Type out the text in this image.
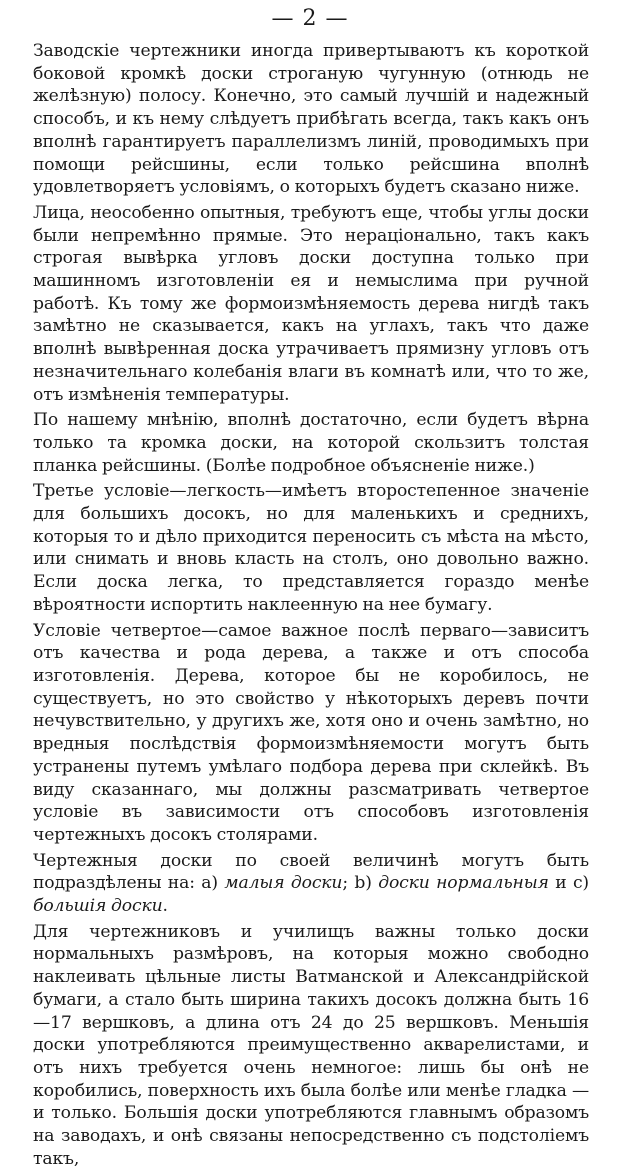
— 2 —

Заводскіе чертежники иногда привертываютъ къ короткой боковой кромкѣ доски строганую чугунную (отнюдь не желѣзную) полосу. Конечно, это самый лучшій и надежный способъ, и къ нему слѣдуетъ прибѣгать всегда, такъ какъ онъ вполнѣ гарантируетъ параллелизмъ линій, проводимыхъ при помощи рейсшины, если только рейсшина вполнѣ удовлетворяетъ условіямъ, о которыхъ будетъ сказано ниже.

Лица, неособенно опытныя, требуютъ еще, чтобы углы доски были непремѣнно прямые. Это нераціонально, такъ какъ строгая вывѣрка угловъ доски доступна только при машинномъ изготовленіи ея и немыслима при ручной работѣ. Къ тому же формоизмѣняемость дерева нигдѣ такъ замѣтно не сказывается, какъ на углахъ, такъ что даже вполнѣ вывѣренная доска утрачиваетъ прямизну угловъ отъ незначительнаго колебанія влаги въ комнатѣ или, что то же, отъ измѣненія температуры.

По нашему мнѣнію, вполнѣ достаточно, если будетъ вѣрна только та кромка доски, на которой скользитъ толстая планка рейсшины. (Болѣе подробное объясненіе ниже.)

Третье условіе—легкость—имѣетъ второстепенное значеніе для большихъ досокъ, но для маленькихъ и среднихъ, которыя то и дѣло приходится переносить съ мѣста на мѣсто, или снимать и вновь класть на столъ, оно довольно важно. Если доска легка, то представляется гораздо менѣе вѣроятности испортить наклеенную на нее бумагу.

Условіе четвертое—самое важное послѣ перваго—зависитъ отъ качества и рода дерева, а также и отъ способа изготовленія. Дерева, которое бы не коробилось, не существуетъ, но это свойство у нѣкоторыхъ деревъ почти нечувствительно, у другихъ же, хотя оно и очень замѣтно, но вредныя послѣдствія формоизмѣняемости могутъ быть устранены путемъ умѣлаго подбора дерева при склейкѣ. Въ виду сказаннаго, мы должны разсматривать четвертое условіе въ зависимости отъ способовъ изготовленія чертежныхъ досокъ столярами.

Чертежныя доски по своей величинѣ могутъ быть подраздѣлены на: a) малыя доски; b) доски нормальныя и c) большія доски.

Для чертежниковъ и училищъ важны только доски нормальныхъ размѣровъ, на которыя можно свободно наклеивать цѣльные листы Ватманской и Александрійской бумаги, а стало быть ширина такихъ досокъ должна быть 16—17 вершковъ, а длина отъ 24 до 25 вершковъ. Меньшія доски употребляются преимущественно акварелистами, и отъ нихъ требуется очень немногое: лишь бы онѣ не коробились, поверхность ихъ была болѣе или менѣе гладка — и только. Большія доски употребляются главнымъ образомъ на заводахъ, и онѣ связаны непосредственно съ подстоліемъ такъ,
